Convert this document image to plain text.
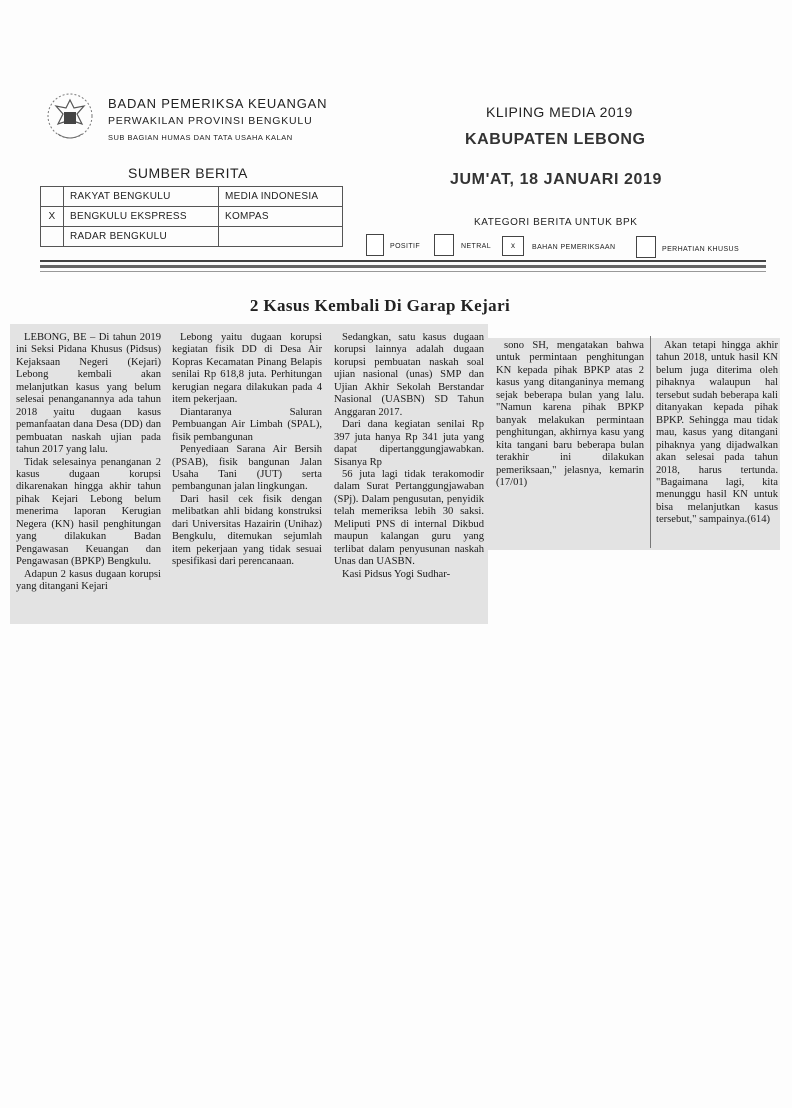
BADAN PEMERIKSA KEUANGAN
PERWAKILAN PROVINSI BENGKULU
SUB BAGIAN HUMAS DAN TATA USAHA KALAN
KLIPING MEDIA 2019
KABUPATEN LEBONG
JUM'AT, 18 JANUARI 2019
SUMBER BERITA
	RAKYAT BENGKULU	MEDIA INDONESIA
X	BENGKULU EKSPRESS	KOMPAS
	RADAR BENGKULU	
KATEGORI BERITA UNTUK BPK
POSITIF	NETRAL	x	BAHAN PEMERIKSAAN	PERHATIAN KHUSUS
2 Kasus Kembali Di Garap Kejari

LEBONG, BE – Di tahun 2019 ini Seksi Pidana Khusus (Pidsus) Kejaksaan Negeri (Kejari) Lebong kembali akan melanjutkan kasus yang belum selesai penanganannya ada tahun 2018 yaitu dugaan kasus pemanfaatan dana Desa (DD) dan pembuatan naskah ujian pada tahun 2017 yang lalu.

Tidak selesainya penanganan 2 kasus dugaan korupsi dikarenakan hingga akhir tahun pihak Kejari Lebong belum menerima laporan Kerugian Negera (KN) hasil penghitungan yang dilakukan Badan Pengawasan Keuangan dan Pengawasan (BPKP) Bengkulu.

Adapun 2 kasus dugaan korupsi yang ditangani Kejari

Lebong yaitu dugaan korupsi kegiatan fisik DD di Desa Air Kopras Kecamatan Pinang Belapis senilai Rp 618,8 juta. Perhitungan kerugian negara dilakukan pada 4 item pekerjaan.

Diantaranya Saluran Pembuangan Air Limbah (SPAL), fisik pembangunan

Penyediaan Sarana Air Bersih (PSAB), fisik bangunan Jalan Usaha Tani (JUT) serta pembangunan jalan lingkungan.

Dari hasil cek fisik dengan melibatkan ahli bidang konstruksi dari Universitas Hazairin (Unihaz) Bengkulu, ditemukan sejumlah item pekerjaan yang tidak sesuai spesifikasi dari perencanaan.

Sedangkan, satu kasus dugaan korupsi lainnya adalah dugaan korupsi pembuatan naskah soal ujian nasional (unas) SMP dan Ujian Akhir Sekolah Berstandar Nasional (UASBN) SD Tahun Anggaran 2017.

Dari dana kegiatan senilai Rp 397 juta hanya Rp 341 juta yang dapat dipertanggungjawabkan. Sisanya Rp

56 juta lagi tidak terakomodir dalam Surat Pertanggungjawaban (SPj). Dalam pengusutan, penyidik telah memeriksa lebih 30 saksi. Meliputi PNS di internal Dikbud maupun kalangan guru yang terlibat dalam penyusunan naskah Unas dan UASBN.

Kasi Pidsus Yogi Sudhar-

sono SH, mengatakan bahwa untuk permintaan penghitungan KN kepada pihak BPKP atas 2 kasus yang ditanganinya memang sejak beberapa bulan yang lalu. "Namun karena pihak BPKP banyak melakukan permintaan penghitungan, akhirnya kasu yang kita tangani baru beberapa bulan terakhir ini dilakukan pemeriksaan," jelasnya, kemarin (17/01)

Akan tetapi hingga akhir tahun 2018, untuk hasil KN belum juga diterima oleh pihaknya walaupun hal tersebut sudah beberapa kali ditanyakan kepada pihak BPKP. Sehingga mau tidak mau, kasus yang ditangani pihaknya yang dijadwalkan akan selesai pada tahun 2018, harus tertunda. "Bagaimana lagi, kita menunggu hasil KN untuk bisa melanjutkan kasus tersebut," sampainya.(614)
